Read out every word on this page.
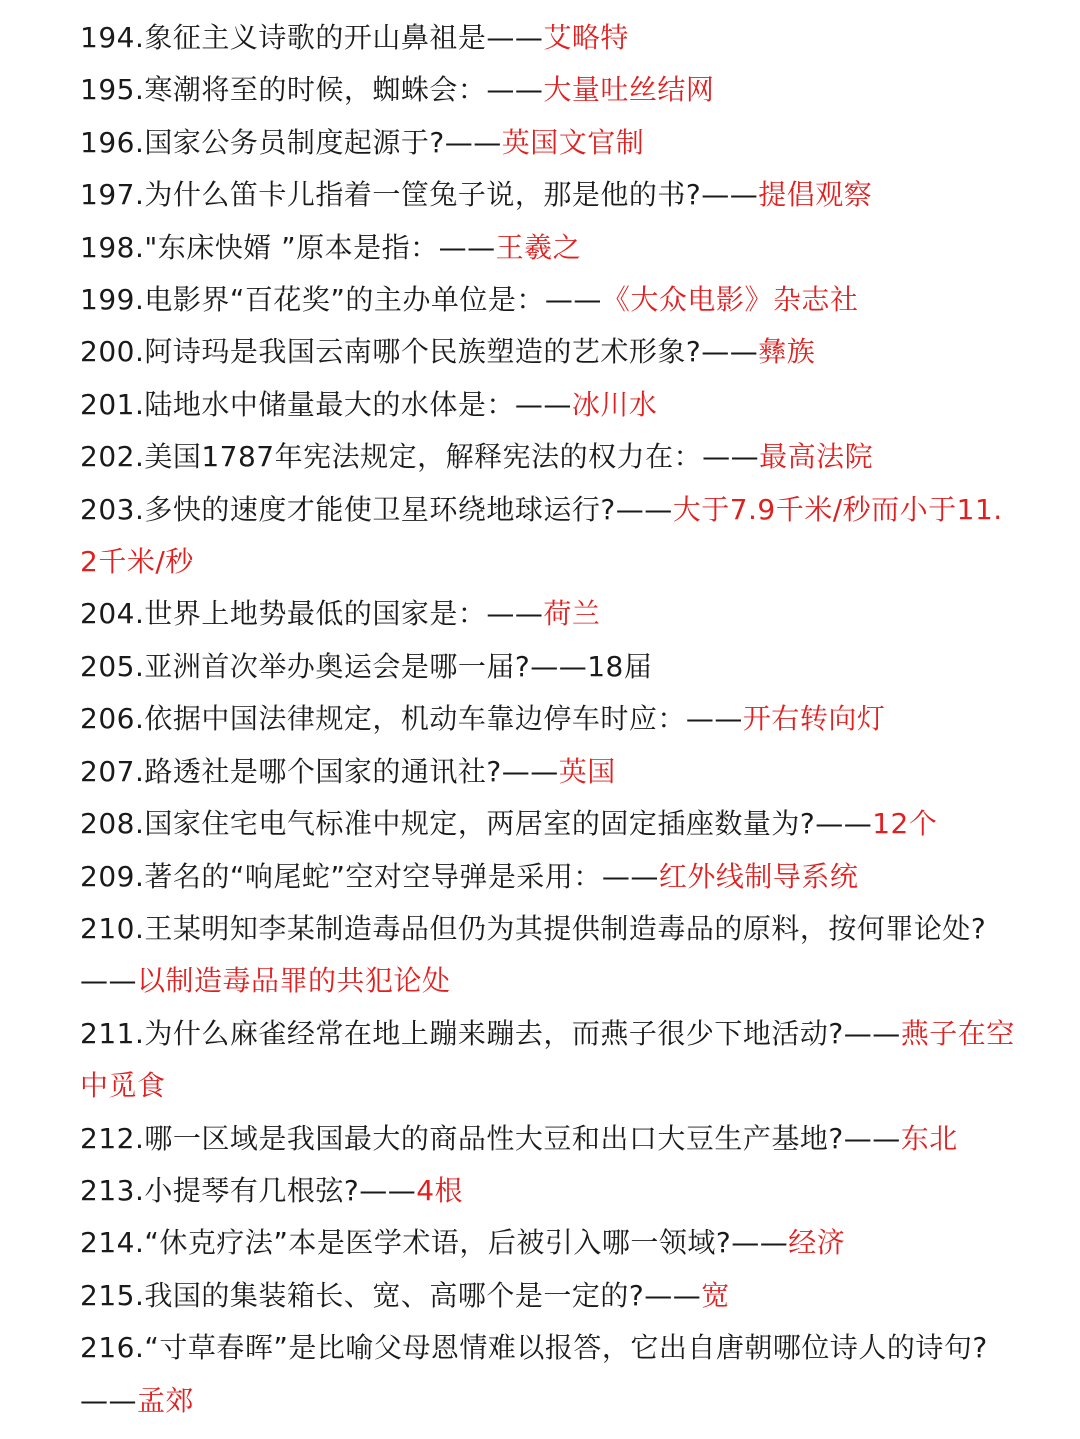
194.象征主义诗歌的开山鼻祖是——艾略特

195.寒潮将至的时候，蜘蛛会：——大量吐丝结网

196.国家公务员制度起源于?——英国文官制

197.为什么笛卡儿指着一筐兔子说，那是他的书?——提倡观察

198."东床快婿 ”原本是指：——王羲之

199.电影界“百花奖”的主办单位是：——《大众电影》杂志社

200.阿诗玛是我国云南哪个民族塑造的艺术形象?——彝族

201.陆地水中储量最大的水体是：——冰川水

202.美国1787年宪法规定，解释宪法的权力在：——最高法院

203.多快的速度才能使卫星环绕地球运行?——大于7.9千米/秒而小于11.2千米/秒

204.世界上地势最低的国家是：——荷兰

205.亚洲首次举办奥运会是哪一届?——18届

206.依据中国法律规定，机动车靠边停车时应：——开右转向灯

207.路透社是哪个国家的通讯社?——英国

208.国家住宅电气标准中规定，两居室的固定插座数量为?——12个

209.著名的“响尾蛇”空对空导弹是采用：——红外线制导系统

210.王某明知李某制造毒品但仍为其提供制造毒品的原料，按何罪论处?——以制造毒品罪的共犯论处

211.为什么麻雀经常在地上蹦来蹦去，而燕子很少下地活动?——燕子在空中觅食

212.哪一区域是我国最大的商品性大豆和出口大豆生产基地?——东北

213.小提琴有几根弦?——4根

214.“休克疗法”本是医学术语，后被引入哪一领域?——经济

215.我国的集装箱长、宽、高哪个是一定的?——宽

216.“寸草春晖”是比喻父母恩情难以报答，它出自唐朝哪位诗人的诗句?——孟郊
